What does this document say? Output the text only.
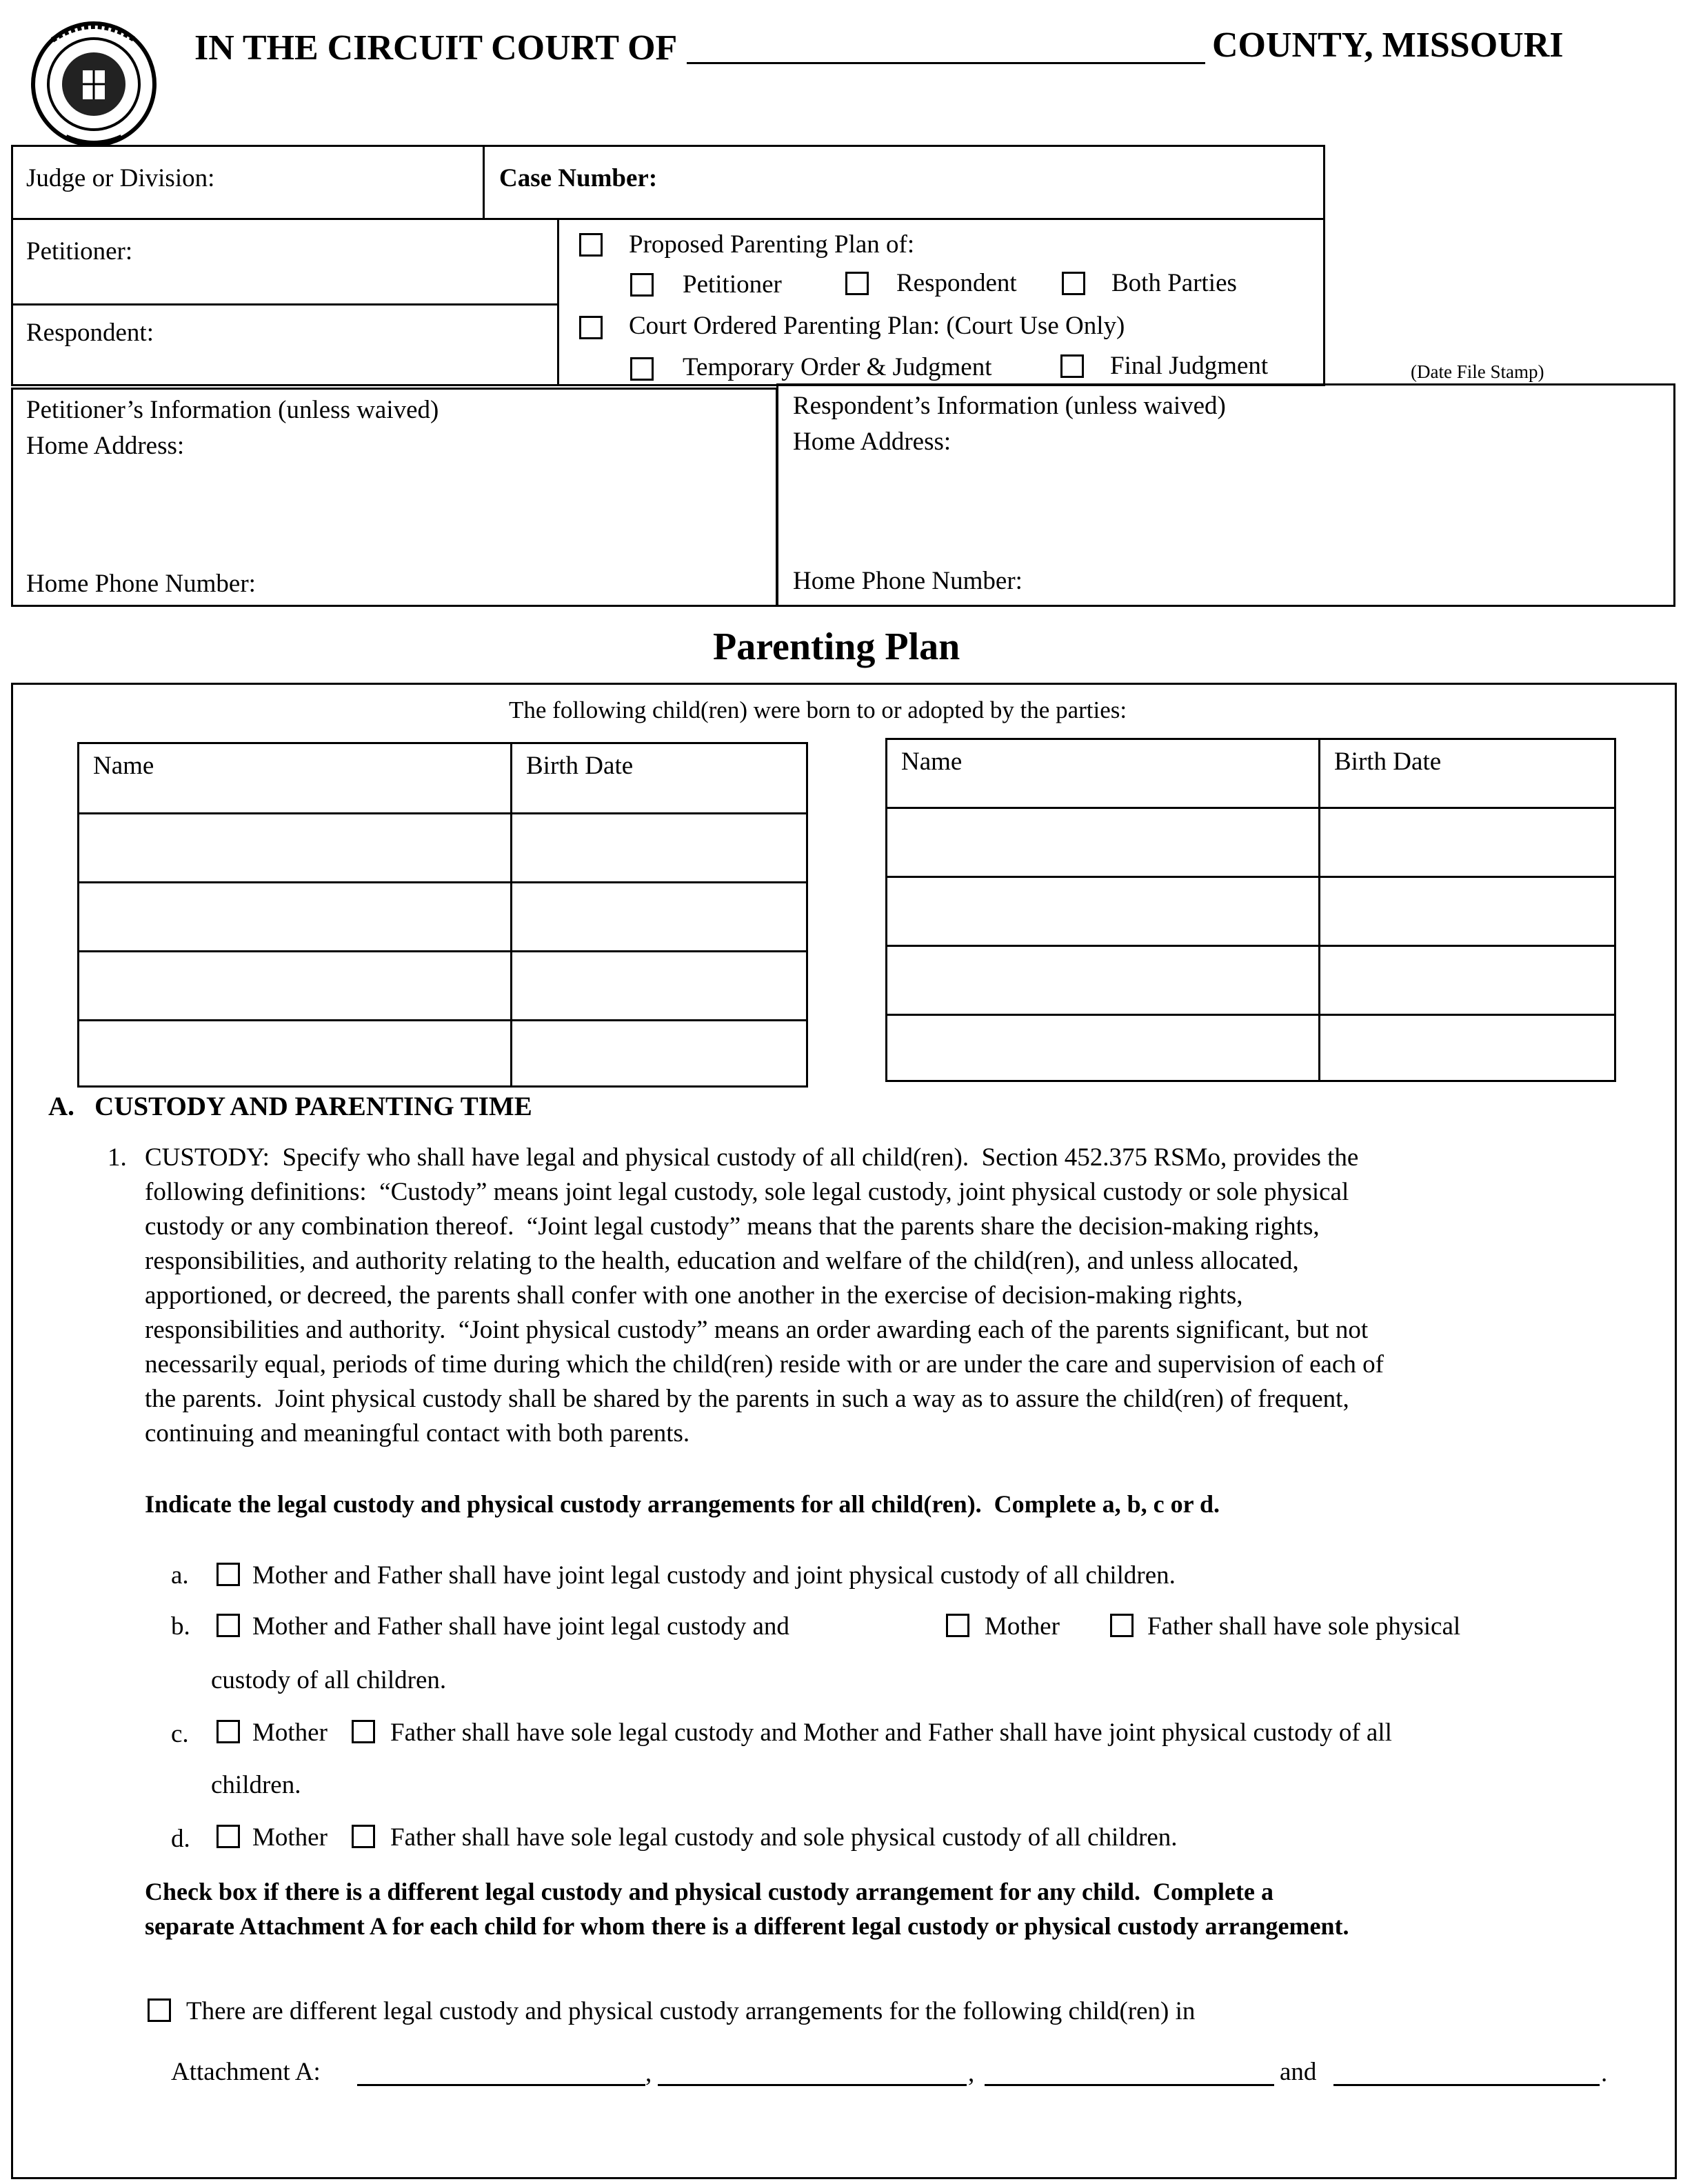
IN THE CIRCUIT COURT OF	COUNTY, MISSOURI
Judge or Division:	Case Number:
Petitioner:
Respondent:
Proposed Parenting Plan of:
Petitioner	Respondent	Both Parties
Court Ordered Parenting Plan: (Court Use Only)
Temporary Order & Judgment	Final Judgment	(Date File Stamp)
Petitioner’s Information (unless waived)
Home Address:
Home Phone Number:
Respondent’s Information (unless waived)
Home Address:
Home Phone Number:
Parenting Plan
The following child(ren) were born to or adopted by the parties:
Name	Birth Date

		Name	Birth Date

A.   CUSTODY AND PARENTING TIME
1. CUSTODY:  Specify who shall have legal and physical custody of all child(ren).  Section 452.375 RSMo, provides the
following definitions:  “Custody” means joint legal custody, sole legal custody, joint physical custody or sole physical
custody or any combination thereof.  “Joint legal custody” means that the parents share the decision-making rights,
responsibilities, and authority relating to the health, education and welfare of the child(ren), and unless allocated,
apportioned, or decreed, the parents shall confer with one another in the exercise of decision-making rights,
responsibilities and authority.  “Joint physical custody” means an order awarding each of the parents significant, but not
necessarily equal, periods of time during which the child(ren) reside with or are under the care and supervision of each of
the parents.  Joint physical custody shall be shared by the parents in such a way as to assure the child(ren) of frequent,
continuing and meaningful contact with both parents.
Indicate the legal custody and physical custody arrangements for all child(ren).  Complete a, b, c or d.
a. Mother and Father shall have joint legal custody and joint physical custody of all children.
b. Mother and Father shall have joint legal custody and	Mother	Father shall have sole physical
custody of all children.
c. Mother Father shall have sole legal custody and Mother and Father shall have joint physical custody of all
children.
d. Mother Father shall have sole legal custody and sole physical custody of all children.
Check box if there is a different legal custody and physical custody arrangement for any child.  Complete a
separate Attachment A for each child for whom there is a different legal custody or physical custody arrangement.
There are different legal custody and physical custody arrangements for the following child(ren) in
Attachment A:	,	,	and	.
